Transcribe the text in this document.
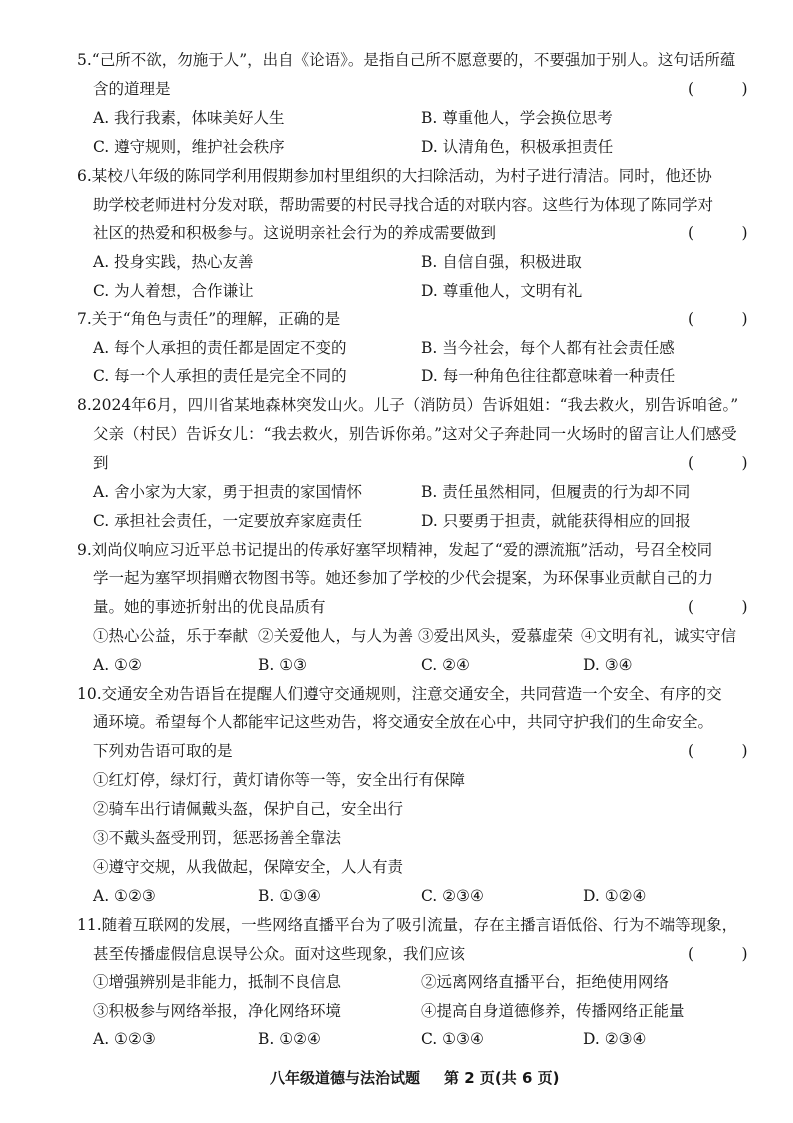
5.“己所不欲，勿施于人”，出自《论语》。是指自己所不愿意要的，不要强加于别人。这句话所蕴
含的道理是	(　)
A. 我行我素，体味美好人生	B. 尊重他人，学会换位思考
C. 遵守规则，维护社会秩序	D. 认清角色，积极承担责任
6.某校八年级的陈同学利用假期参加村里组织的大扫除活动，为村子进行清洁。同时，他还协
助学校老师进村分发对联，帮助需要的村民寻找合适的对联内容。这些行为体现了陈同学对
社区的热爱和积极参与。这说明亲社会行为的养成需要做到	(　)
A. 投身实践，热心友善	B. 自信自强，积极进取
C. 为人着想，合作谦让	D. 尊重他人，文明有礼
7.关于“角色与责任”的理解，正确的是	(　)
A. 每个人承担的责任都是固定不变的	B. 当今社会，每个人都有社会责任感
C. 每一个人承担的责任是完全不同的	D. 每一种角色往往都意味着一种责任
8.2024年6月，四川省某地森林突发山火。儿子（消防员）告诉姐姐：“我去救火，别告诉咱爸。”
父亲（村民）告诉女儿：“我去救火，别告诉你弟。”这对父子奔赴同一火场时的留言让人们感受
到	(　)
A. 舍小家为大家，勇于担责的家国情怀	B. 责任虽然相同，但履责的行为却不同
C. 承担社会责任，一定要放弃家庭责任	D. 只要勇于担责，就能获得相应的回报
9.刘尚仪响应习近平总书记提出的传承好塞罕坝精神，发起了“爱的漂流瓶”活动，号召全校同
学一起为塞罕坝捐赠衣物图书等。她还参加了学校的少代会提案，为环保事业贡献自己的力
量。她的事迹折射出的优良品质有	(　)
①热心公益，乐于奉献 ②关爱他人，与人为善 ③爱出风头，爱慕虚荣 ④文明有礼，诚实守信
A. ①②	B. ①③	C. ②④	D. ③④
10.交通安全劝告语旨在提醒人们遵守交通规则，注意交通安全，共同营造一个安全、有序的交
通环境。希望每个人都能牢记这些劝告，将交通安全放在心中，共同守护我们的生命安全。
下列劝告语可取的是	(　)
①红灯停，绿灯行，黄灯请你等一等，安全出行有保障
②骑车出行请佩戴头盔，保护自己，安全出行
③不戴头盔受刑罚，惩恶扬善全靠法
④遵守交规，从我做起，保障安全，人人有责
A. ①②③	B. ①③④	C. ②③④	D. ①②④
11.随着互联网的发展，一些网络直播平台为了吸引流量，存在主播言语低俗、行为不端等现象，
甚至传播虚假信息误导公众。面对这些现象，我们应该	(　)
①增强辨别是非能力，抵制不良信息	②远离网络直播平台，拒绝使用网络
③积极参与网络举报，净化网络环境	④提高自身道德修养，传播网络正能量
A. ①②③	B. ①②④	C. ①③④	D. ②③④
八年级道德与法治试题 第 2 页(共 6 页)
